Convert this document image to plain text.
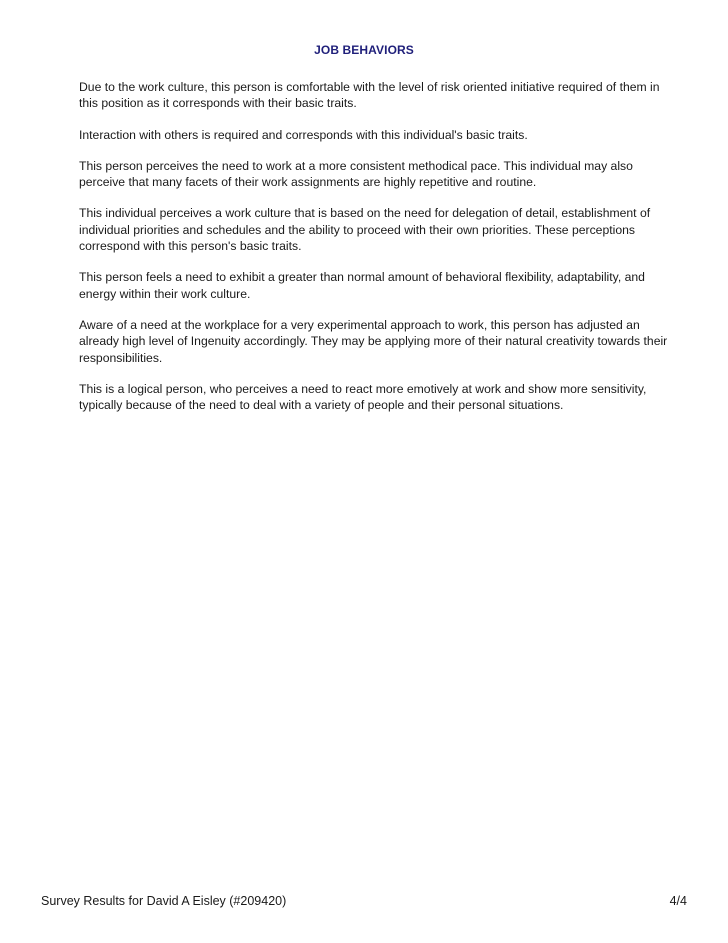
JOB BEHAVIORS

Due to the work culture, this person is comfortable with the level of risk oriented initiative required of them in this position as it corresponds with their basic traits.

Interaction with others is required and corresponds with this individual's basic traits.

This person perceives the need to work at a more consistent methodical pace. This individual may also perceive that many facets of their work assignments are highly repetitive and routine.

This individual perceives a work culture that is based on the need for delegation of detail, establishment of individual priorities and schedules and the ability to proceed with their own priorities. These perceptions correspond with this person's basic traits.

This person feels a need to exhibit a greater than normal amount of behavioral flexibility, adaptability, and energy within their work culture.

Aware of a need at the workplace for a very experimental approach to work, this person has adjusted an already high level of Ingenuity accordingly. They may be applying more of their natural creativity towards their responsibilities.

This is a logical person, who perceives a need to react more emotively at work and show more sensitivity, typically because of the need to deal with a variety of people and their personal situations.

Survey Results for David A Eisley (#209420)	4/4
